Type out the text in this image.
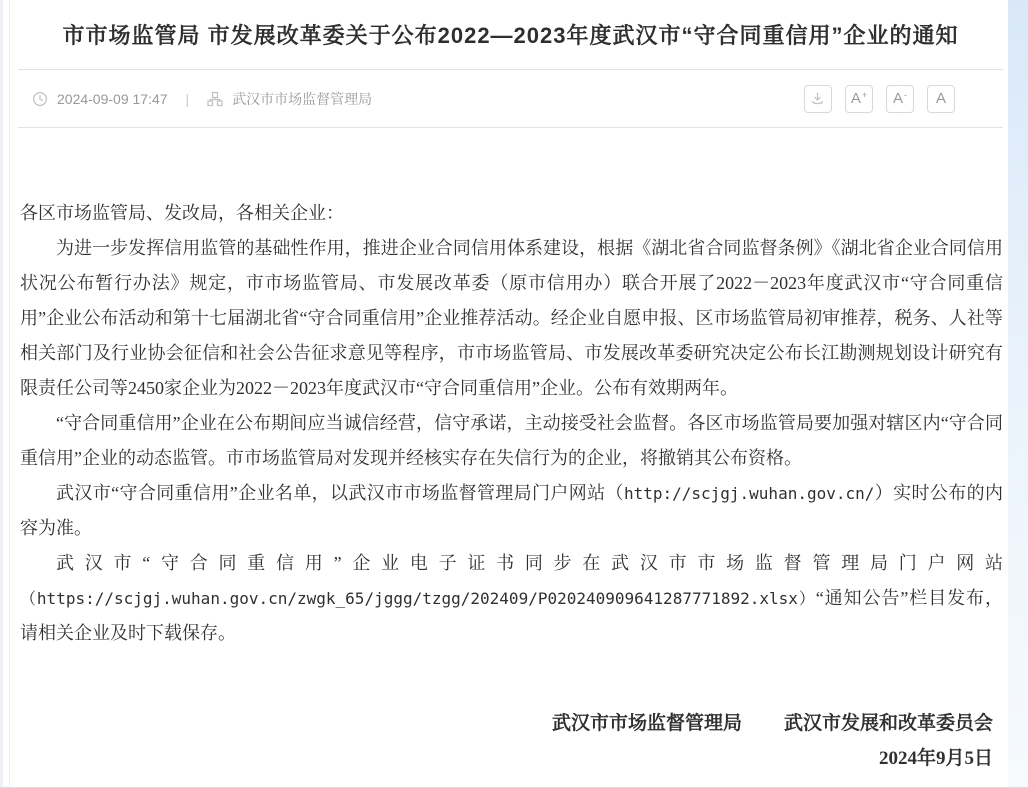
市市场监管局 市发展改革委关于公布2022—2023年度武汉市“守合同重信用”企业的通知
2024-09-09 17:47 |	武汉市市场监督管理局	A+ A- A

各区市场监管局、发改局，各相关企业：

为进一步发挥信用监管的基础性作用，推进企业合同信用体系建设，根据《湖北省合同监督条例》《湖北省企业合同信用状况公布暂行办法》规定，市市场监管局、市发展改革委（原市信用办）联合开展了2022－2023年度武汉市“守合同重信用”企业公布活动和第十七届湖北省“守合同重信用”企业推荐活动。经企业自愿申报、区市场监管局初审推荐，税务、人社等相关部门及行业协会征信和社会公告征求意见等程序，市市场监管局、市发展改革委研究决定公布长江勘测规划设计研究有限责任公司等2450家企业为2022－2023年度武汉市“守合同重信用”企业。公布有效期两年。

“守合同重信用”企业在公布期间应当诚信经营，信守承诺，主动接受社会监督。各区市场监管局要加强对辖区内“守合同重信用”企业的动态监管。市市场监管局对发现并经核实存在失信行为的企业，将撤销其公布资格。

武汉市“守合同重信用”企业名单，以武汉市市场监督管理局门户网站（http://scjgj.wuhan.gov.cn/）实时公布的内容为准。

武汉市“守合同重信用”企业电子证书同步在武汉市市场监督管理局门户网站（https://scjgj.wuhan.gov.cn/zwgk_65/jggg/tzgg/202409/P020240909641287771892.xlsx）“通知公告”栏目发布，请相关企业及时下载保存。

武汉市市场监督管理局 武汉市发展和改革委员会
2024年9月5日
